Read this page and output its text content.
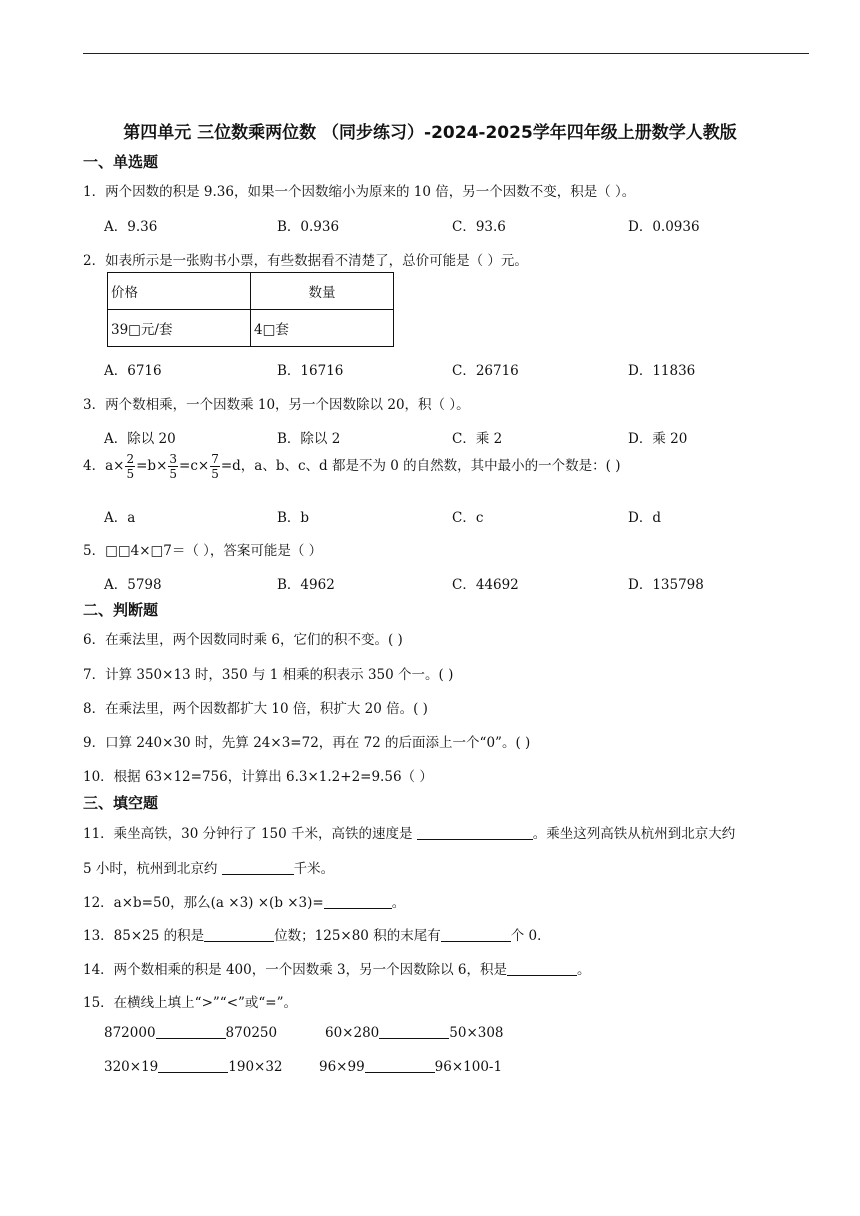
第四单元 三位数乘两位数 （同步练习）-2024-2025学年四年级上册数学人教版
一、单选题
1．两个因数的积是 9.36，如果一个因数缩小为原来的 10 倍，另一个因数不变，积是（ ）。
A．9.36	B．0.936	C．93.6	D．0.0936
2．如表所示是一张购书小票，有些数据看不清楚了，总价可能是（ ）元。
价格	数量
39□元/套	4□套
A．6716	B．16716	C．26716	D．11836
3．两个数相乘，一个因数乘 10，另一个因数除以 20，积（ ）。
A．除以 20	B．除以 2	C．乘 2	D．乘 20
4．$a\times \frac{2}{5} =b\times \frac{3}{5} =c\times \frac{7}{5} =d$，a、b、c、d 都是不为 0 的自然数，其中最小的一个数是：( )
A．a	B．b	C．c	D．d
5．□□4×□7＝（ ），答案可能是（ ）
A．5798	B．4962	C．44692	D．135798
二、判断题
6．在乘法里，两个因数同时乘 6，它们的积不变。( )
7．计算 350×13 时，350 与 1 相乘的积表示 350 个一。( )
8．在乘法里，两个因数都扩大 10 倍，积扩大 20 倍。( )
9．口算 240×30 时，先算 24×3=72，再在 72 的后面添上一个“0”。( )
10．根据 63×12=756，计算出 6.3×1.2+2=9.56（ ）
三、填空题
11．乘坐高铁，30 分钟行了 150 千米，高铁的速度是	。乘坐这列高铁从杭州到北京大约
5 小时，杭州到北京约	千米。
12．a×b=50，那么(a ×3) ×(b ×3)=	。
13．85×25 的积是	位数；125×80 积的末尾有	个 0．
14．两个数相乘的积是 400，一个因数乘 3，另一个因数除以 6，积是	。
15．在横线上填上“>”“<”或“=”。
872000	870250	60×280	50×308
320×19	190×32	96×99	96×100-1
